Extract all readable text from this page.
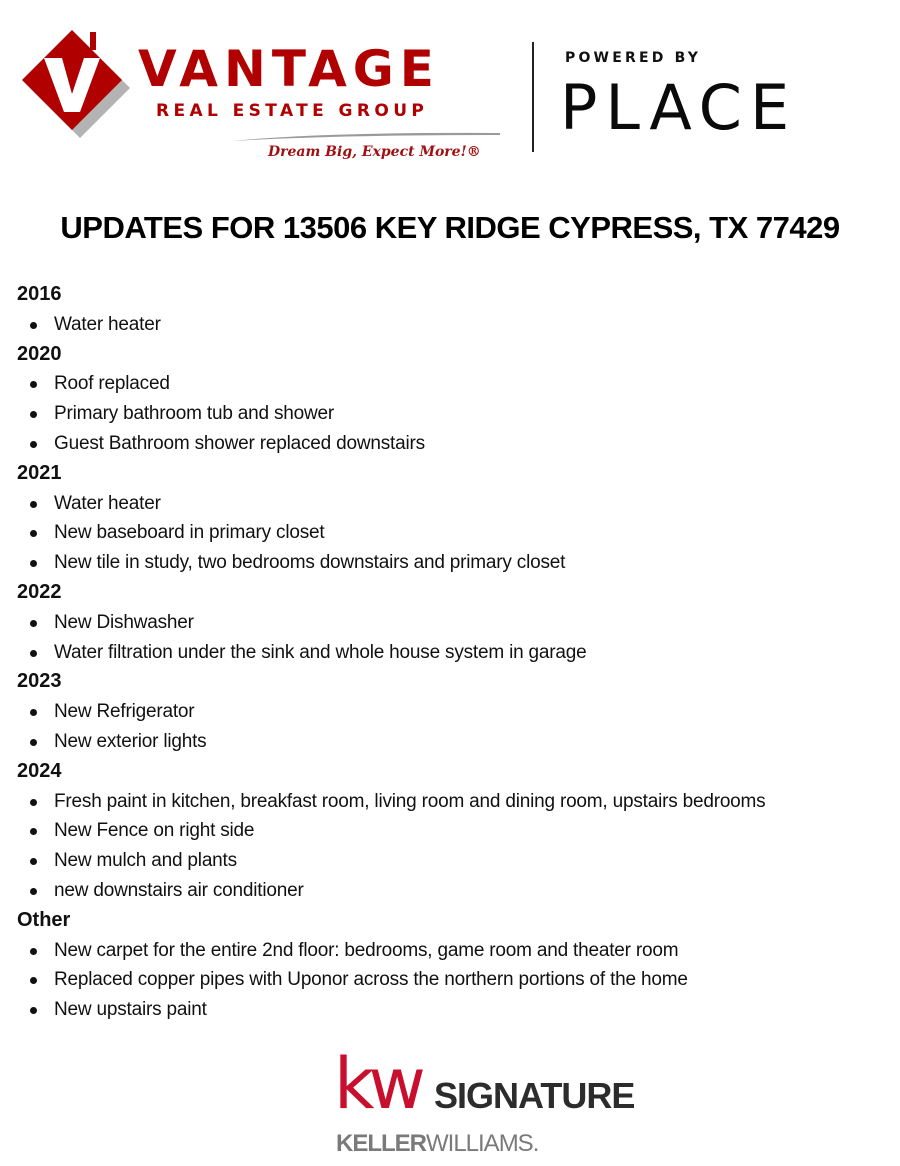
VANTAGE
REAL ESTATE GROUP
Dream Big, Expect More!®
POWERED BY
PLACE
UPDATES FOR 13506 KEY RIDGE CYPRESS, TX 77429
2016
Water heater
2020
Roof replaced
Primary bathroom tub and shower
Guest Bathroom shower replaced downstairs
2021
Water heater
New baseboard in primary closet
New tile in study, two bedrooms downstairs and primary closet
2022
New Dishwasher
Water filtration under the sink and whole house system in garage
2023
New Refrigerator
New exterior lights
2024
Fresh paint in kitchen, breakfast room, living room and dining room, upstairs bedrooms
New Fence on right side
New mulch and plants
new downstairs air conditioner
Other
New carpet for the entire 2nd floor: bedrooms, game room and theater room
Replaced copper pipes with Uponor across the northern portions of the home
New upstairs paint
kw SIGNATURE
KELLERWILLIAMS.
